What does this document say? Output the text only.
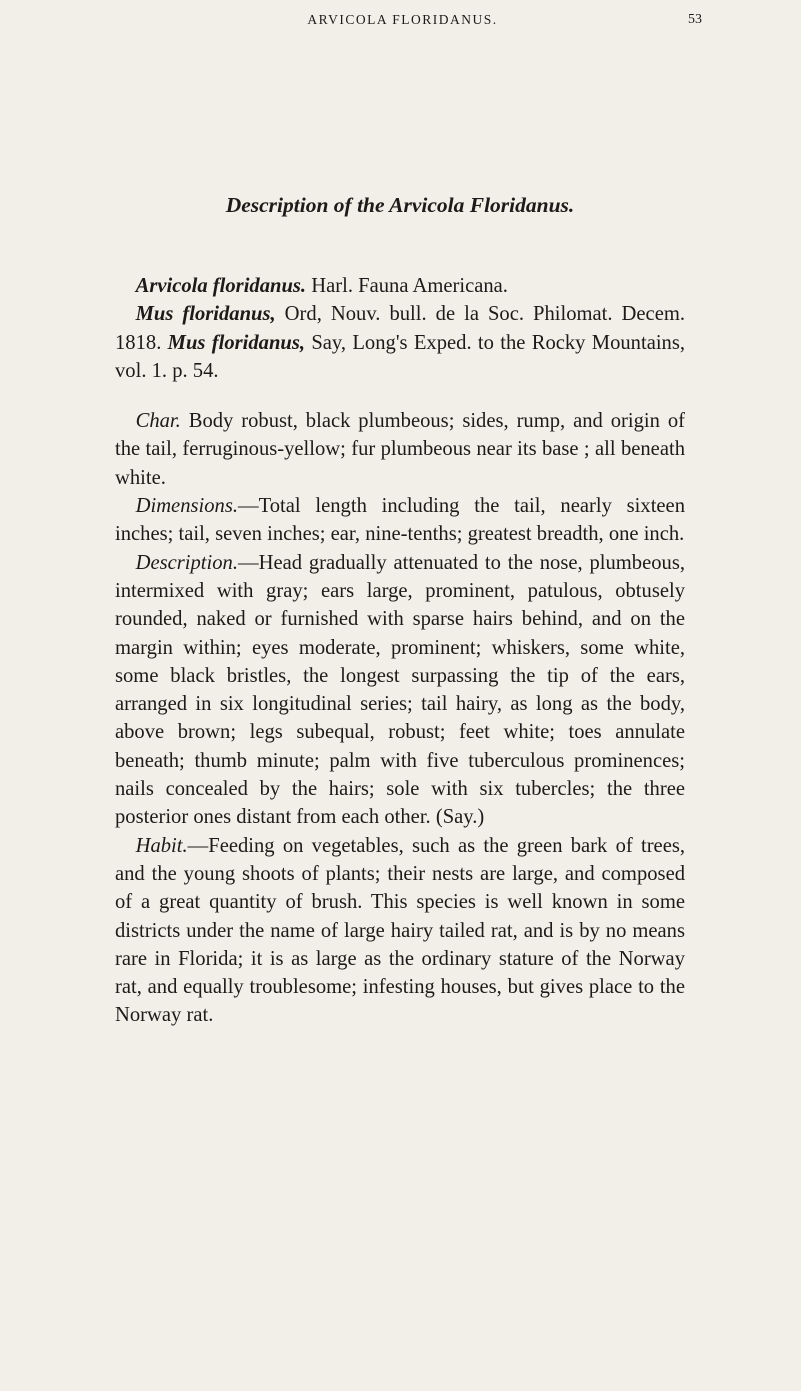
ARVICOLA FLORIDANUS.	53
Description of the Arvicola Floridanus.

 Arvicola floridanus. Harl. Fauna Americana.
 Mus floridanus, Ord, Nouv. bull. de la Soc. Philomat. Decem. 1818. Mus floridanus, Say, Long's Exped. to the Rocky Mountains, vol. 1. p. 54.

 Char. Body robust, black plumbeous; sides, rump, and origin of the tail, ferruginous-yellow; fur plumbeous near its base ; all beneath white.

 Dimensions.—Total length including the tail, nearly sixteen inches; tail, seven inches; ear, nine-tenths; greatest breadth, one inch.

 Description.—Head gradually attenuated to the nose, plumbeous, intermixed with gray; ears large, prominent, patulous, obtusely rounded, naked or furnished with sparse hairs behind, and on the margin within; eyes moderate, prominent; whiskers, some white, some black bristles, the longest surpassing the tip of the ears, arranged in six longitudinal series; tail hairy, as long as the body, above brown; legs subequal, robust; feet white; toes annulate beneath; thumb minute; palm with five tuberculous prominences; nails concealed by the hairs; sole with six tubercles; the three posterior ones distant from each other. (Say.)

 Habit.—Feeding on vegetables, such as the green bark of trees, and the young shoots of plants; their nests are large, and composed of a great quantity of brush. This species is well known in some districts under the name of large hairy tailed rat, and is by no means rare in Florida; it is as large as the ordinary stature of the Norway rat, and equally troublesome; infesting houses, but gives place to the Norway rat.
